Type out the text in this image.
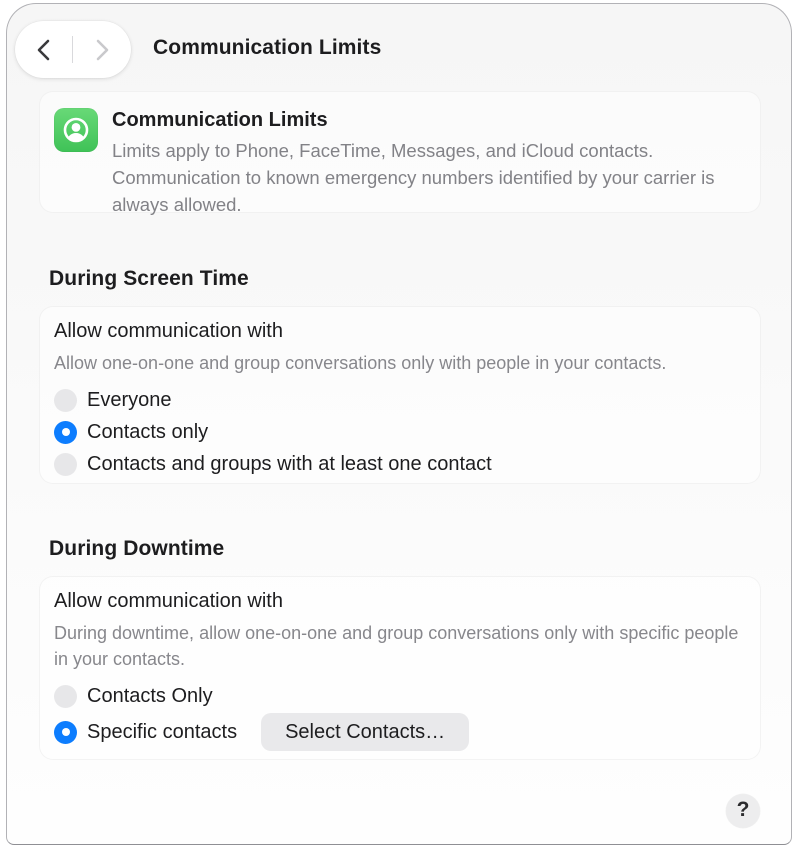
Communication Limits
Communication Limits
Limits apply to Phone, FaceTime, Messages, and iCloud contacts. Communication to known emergency numbers identified by your carrier is always allowed.
During Screen Time
Allow communication with
Allow one-on-one and group conversations only with people in your contacts.
Everyone
Contacts only
Contacts and groups with at least one contact
During Downtime
Allow communication with
During downtime, allow one-on-one and group conversations only with specific people in your contacts.
Contacts Only
Specific contacts	Select Contacts…
?
